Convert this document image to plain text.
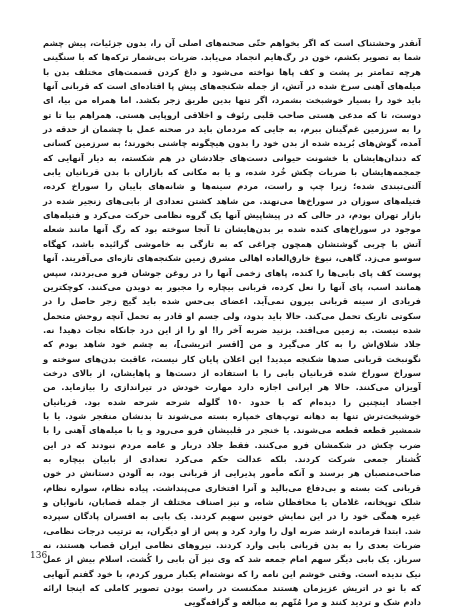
آنقدر وحشتناک است که اگر بخواهم حتّی صحنه‌های اصلی آن را، بدون جزئیات، پیش چشم شما به تصویر بکشم، خون در رگ‌هایم انجماد می‌یابد. ضربات بی‌شمار ترکه‌ها که با سنگینی هرچه تمامتر بر پشت و کف پاها نواخته می‌شود و داغ کردن قسمت‌های مختلف بدن با میله‌های آهنی سرخ شده در آتش، از جمله شکنجه‌های پیش پا افتاده‌ای است که قربانی آنها باید خود را بسیار خوشبخت بشمرد، اگر تنها بدین طریق زجر بکشد. اما همراه من بیا، ای دوست، تا که مدعی هستی صاحب قلبی رئوف و اخلاقی اروپایی هستی. همراهم بیا تا تو را به سرزمین غم‌گینان ببرم، به جایی که مردمان باید در صحنه عمل با چشمان از حدقه در آمده، گوش‌های بُریده شده از بدن خود را بدون هیچگونه چاشنی بخورند؛ به سرزمین کسانی که دندان‌هایشان با خشونت حیوانی دست‌های جلادشان در هم شکسته، به دیار آنهایی که جمجمه‌هایشان با ضربات چکش خُرد شده، و یا به مکانی که بازاران با بدن قربانیان یابی آلتی‌تبندی شده؛ زیرا چپ و راست، مردم سینه‌ها و شانه‌های بایبان را سوراخ کرده، فتیله‌های سوزان در سوراخ‌ها می‌نهند. من شاهد کشتن تعدادی از بابی‌های زنجیر شده در بازار تهران بودم، در حالی که در پیشاپیش آنها یک گروه نظامی حرکت می‌کرد و فتیله‌های موجود در سوراخ‌های کنده شده بر بدن‌هایشان تا آنجا سوخته بود که رگ آنها مانند شعله آتش با چربی گوشتشان همچون چراغی که به تازگی به خاموشی گرائیده باشد، کهگاه سوسو می‌زد. گاهی، نبوغ خارق‌العاده اهالی مشرق زمین شکنجه‌های تازه‌ای می‌آفریند. آنها پوست کف پای بابی‌ها را کنده، پاهای زخمی آنها را در روغن جوشان فرو می‌بردند، سپس همانند اسب، پای آنها را نعل کرده، قربانی بیچاره را مجبور به دویدن می‌کنند. کوچکترین فریادی از سینه قربانی بیرون نمی‌آید. اعضای بی‌حس شده باید گیج زجر حاصل را در سکوتی تاریک تحمل می‌کند. حالا باید بدود، ولی جسم او قادر به تحمل آنچه روحش متحمل شده نیست. به زمین می‌افتد. بزنید ضربه آخر را! او را از این درد جانکاه نجات دهید! نه. جلاد شلاق‌اش را به کار می‌گیرد و من [اقسر اتریشی]، به چشم خود شاهد بودم که نگونبخت قربانی صدها شکنجه میدید! این اعلان پایان کار نیست، عاقبت بدن‌های سوخته و سوراخ سوراخ شده قربانیان بابی را با استفاده از دست‌ها و پاهایشان، از بالای درخت آویزان می‌کنند. حالا هر ایرانی اجازه دارد مهارت خودش در تیراندازی را بیازماید. من اجساد اینچنین را دیده‌ام که با حدود ١٥٠ گلوله شرحه شرحه شده بود. قربانیان خوشبخت‌ترش تنها به دهانه توپ‌های خمپاره بسته می‌شوند تا بدنشان منفجر شود. یا با شمشیر قطعه قطعه می‌شوند. یا خنجر در قلبیشان فرو می‌رود و یا با میله‌های آهنی را با ضرب چکش در شکمشان فرو می‌کنند. فقط جلاد دربار و عامه مردم نبودند که در این کُشتار جمعی شرکت کردند. بلکه عدالت حکم می‌کرد تعدادی از بابیان بیچاره به صاحب‌منصبان هر برسند و آنکه مأمور پذیرایی از قربانی بود، به آلودن دستانش در خون قربانی کت بسته و بی‌دفاع می‌بالید و آنرا افتخاری می‌پنداشت. پیاده نظام، سواره نظام، شلک توپخانه، غلامان یا محافظان شاه، و نیز اصناف مختلف از جمله قصابان، نانوایان و غیره همگی خود را در این نمایش خونین سهیم کردند. یک بابی به افسران پادگان سپرده شد. ابتدا فرمانده ارشد ضربه اول را وارد کرد و پس از او دیگران، به ترتیب درجات نظامی، ضربات بعدی را به بدن قربانی بابی وارد کردند. نیروهای نظامی ایران قصاب هستند، نه سرباز. یک بابی دیگر سهم امام جمعه شد که وی نیز آن بابی را کُشت. اسلام بیش از عمل نیک ندیده است. وقتی خوشم این نامه را که نوشته‌ام یکبار مرور کردم، با خود گفتم آنهایی که با تو در اتریش عزیزمان هستند ممکنست در راست بودن تصویر کاملی که اینجا ارائه دادم شک و تردید کنند و مرا مُتّهم به مبالغه و گزافه‌گویی

136
